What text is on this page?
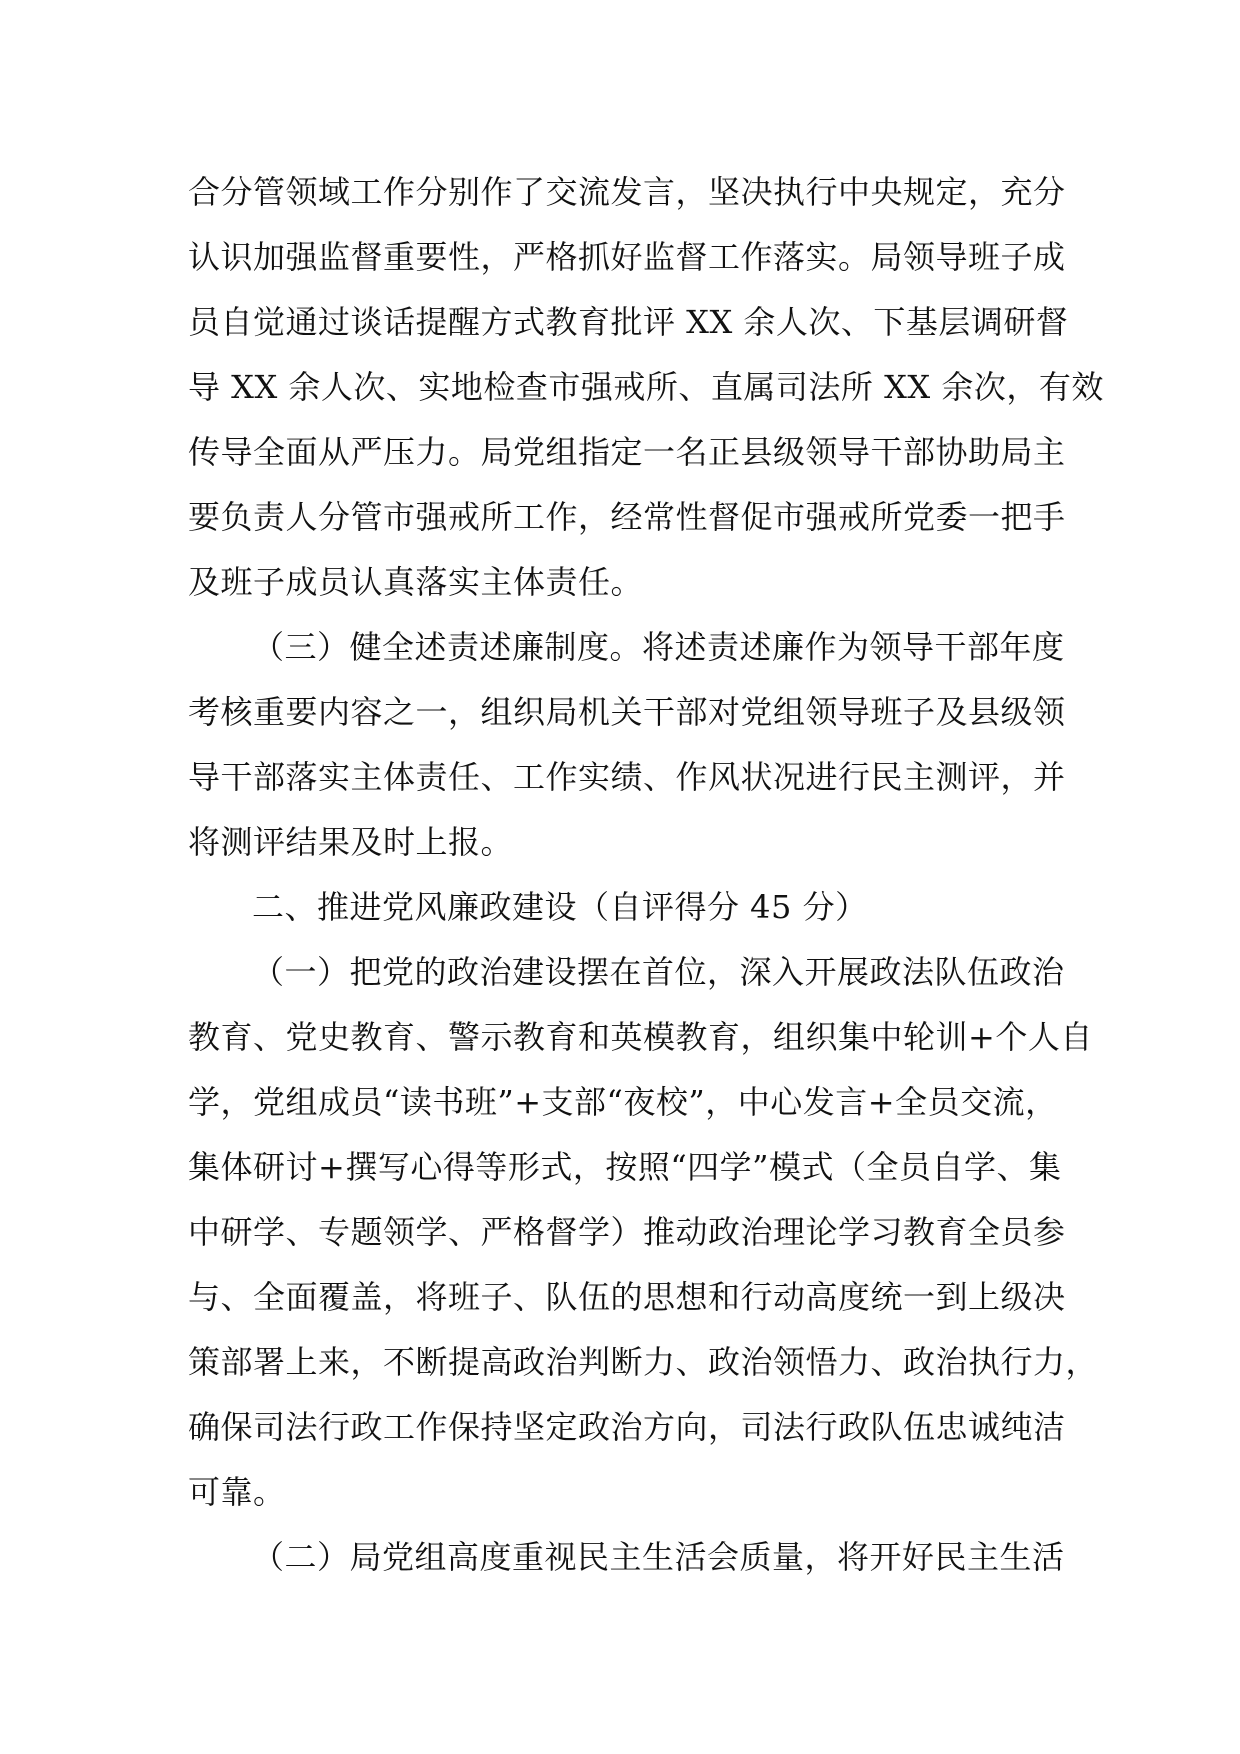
合分管领域工作分别作了交流发言，坚决执行中央规定，充分
认识加强监督重要性，严格抓好监督工作落实。局领导班子成
员自觉通过谈话提醒方式教育批评 XX 余人次、下基层调研督
导 XX 余人次、实地检查市强戒所、直属司法所 XX 余次，有效
传导全面从严压力。局党组指定一名正县级领导干部协助局主
要负责人分管市强戒所工作，经常性督促市强戒所党委一把手
及班子成员认真落实主体责任。
（三）健全述责述廉制度。将述责述廉作为领导干部年度
考核重要内容之一，组织局机关干部对党组领导班子及县级领
导干部落实主体责任、工作实绩、作风状况进行民主测评，并
将测评结果及时上报。
二、推进党风廉政建设（自评得分 45 分）
（一）把党的政治建设摆在首位，深入开展政法队伍政治
教育、党史教育、警示教育和英模教育，组织集中轮训+个人自
学，党组成员“读书班”+支部“夜校”，中心发言+全员交流，
集体研讨+撰写心得等形式，按照“四学”模式（全员自学、集
中研学、专题领学、严格督学）推动政治理论学习教育全员参
与、全面覆盖，将班子、队伍的思想和行动高度统一到上级决
策部署上来，不断提高政治判断力、政治领悟力、政治执行力，
确保司法行政工作保持坚定政治方向，司法行政队伍忠诚纯洁
可靠。
（二）局党组高度重视民主生活会质量，将开好民主生活
